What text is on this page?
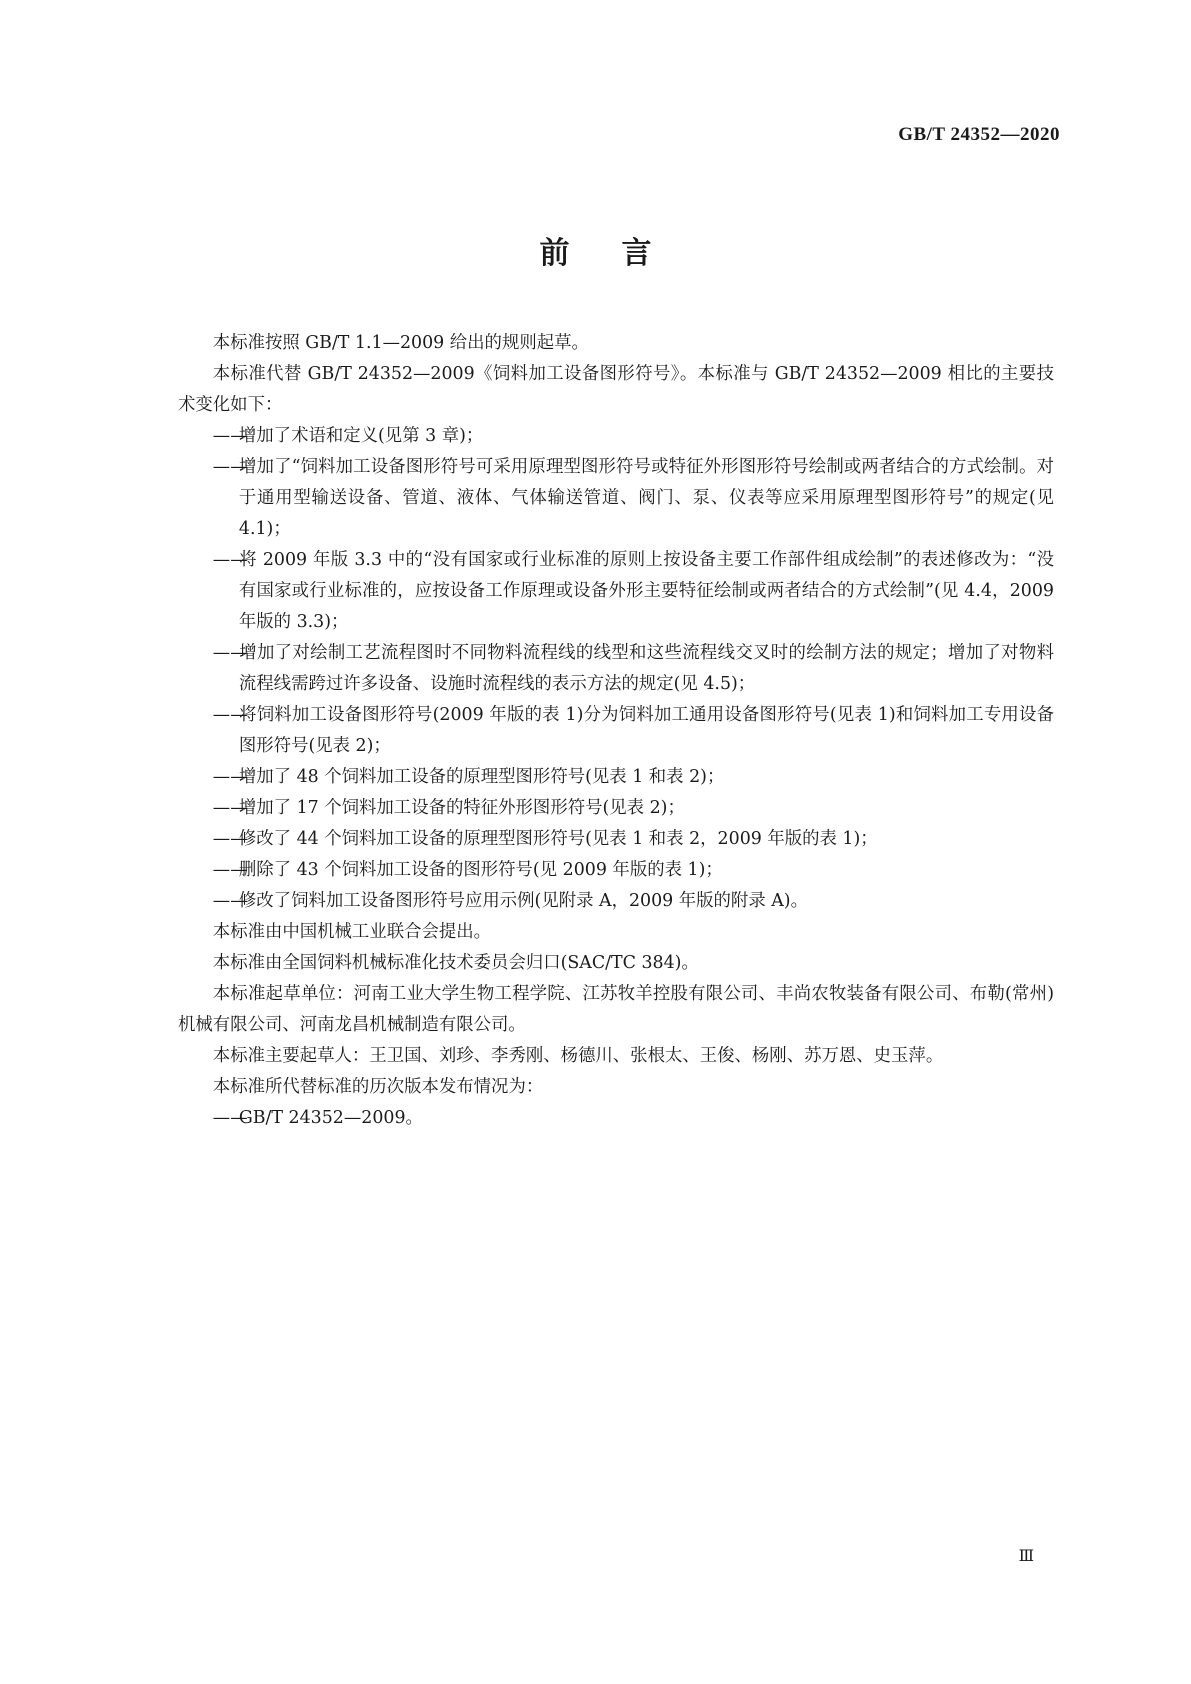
GB/T 24352—2020
前言

本标准按照 GB/T 1.1—2009 给出的规则起草。

本标准代替 GB/T 24352—2009《饲料加工设备图形符号》。本标准与 GB/T 24352—2009 相比的主要技术变化如下：

——增加了术语和定义(见第 3 章)；

——增加了“饲料加工设备图形符号可采用原理型图形符号或特征外形图形符号绘制或两者结合的方式绘制。对于通用型输送设备、管道、液体、气体输送管道、阀门、泵、仪表等应采用原理型图形符号”的规定(见 4.1)；

——将 2009 年版 3.3 中的“没有国家或行业标准的原则上按设备主要工作部件组成绘制”的表述修改为：“没有国家或行业标准的，应按设备工作原理或设备外形主要特征绘制或两者结合的方式绘制”(见 4.4，2009 年版的 3.3)；

——增加了对绘制工艺流程图时不同物料流程线的线型和这些流程线交叉时的绘制方法的规定；增加了对物料流程线需跨过许多设备、设施时流程线的表示方法的规定(见 4.5)；

——将饲料加工设备图形符号(2009 年版的表 1)分为饲料加工通用设备图形符号(见表 1)和饲料加工专用设备图形符号(见表 2)；

——增加了 48 个饲料加工设备的原理型图形符号(见表 1 和表 2)；

——增加了 17 个饲料加工设备的特征外形图形符号(见表 2)；

——修改了 44 个饲料加工设备的原理型图形符号(见表 1 和表 2，2009 年版的表 1)；

——删除了 43 个饲料加工设备的图形符号(见 2009 年版的表 1)；

——修改了饲料加工设备图形符号应用示例(见附录 A，2009 年版的附录 A)。

本标准由中国机械工业联合会提出。

本标准由全国饲料机械标准化技术委员会归口(SAC/TC 384)。

本标准起草单位：河南工业大学生物工程学院、江苏牧羊控股有限公司、丰尚农牧装备有限公司、布勒(常州)机械有限公司、河南龙昌机械制造有限公司。

本标准主要起草人：王卫国、刘珍、李秀刚、杨德川、张根太、王俊、杨刚、苏万恩、史玉萍。

本标准所代替标准的历次版本发布情况为：

——GB/T 24352—2009。

Ⅲ
